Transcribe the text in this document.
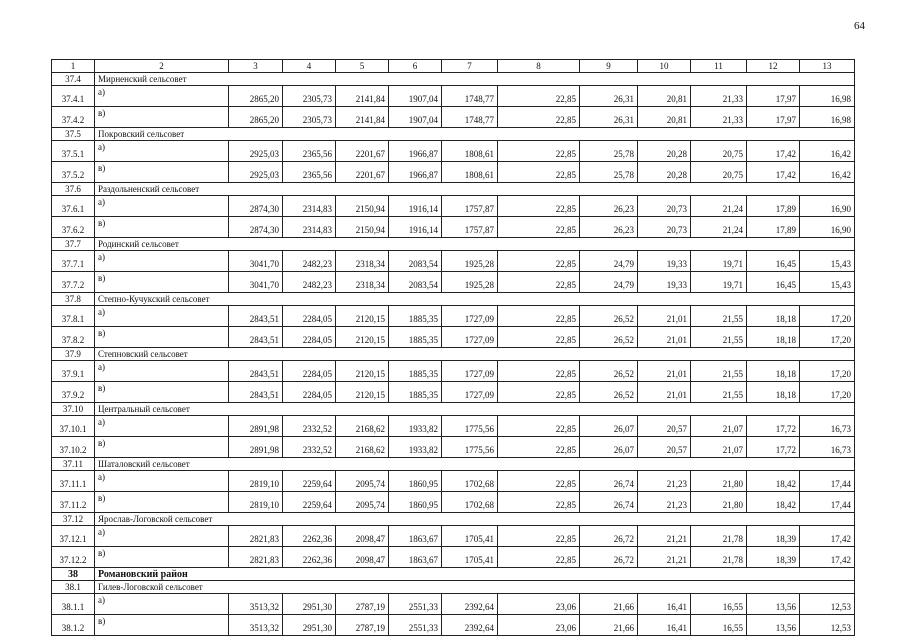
64
1	2	3	4	5	6	7	8	9	10	11	12	13
37.4	Мирненский сельсовет											
37.4.1	а)	2865,20	2305,73	2141,84	1907,04	1748,77	22,85	26,31	20,81	21,33	17,97	16,98
37.4.2	в)	2865,20	2305,73	2141,84	1907,04	1748,77	22,85	26,31	20,81	21,33	17,97	16,98
37.5	Покровский сельсовет											
37.5.1	а)	2925,03	2365,56	2201,67	1966,87	1808,61	22,85	25,78	20,28	20,75	17,42	16,42
37.5.2	в)	2925,03	2365,56	2201,67	1966,87	1808,61	22,85	25,78	20,28	20,75	17,42	16,42
37.6	Раздольненский сельсовет											
37.6.1	а)	2874,30	2314,83	2150,94	1916,14	1757,87	22,85	26,23	20,73	21,24	17,89	16,90
37.6.2	в)	2874,30	2314,83	2150,94	1916,14	1757,87	22,85	26,23	20,73	21,24	17,89	16,90
37.7	Родинский сельсовет											
37.7.1	а)	3041,70	2482,23	2318,34	2083,54	1925,28	22,85	24,79	19,33	19,71	16,45	15,43
37.7.2	в)	3041,70	2482,23	2318,34	2083,54	1925,28	22,85	24,79	19,33	19,71	16,45	15,43
37.8	Степно-Кучукский сельсовет											
37.8.1	а)	2843,51	2284,05	2120,15	1885,35	1727,09	22,85	26,52	21,01	21,55	18,18	17,20
37.8.2	в)	2843,51	2284,05	2120,15	1885,35	1727,09	22,85	26,52	21,01	21,55	18,18	17,20
37.9	Степновский сельсовет											
37.9.1	а)	2843,51	2284,05	2120,15	1885,35	1727,09	22,85	26,52	21,01	21,55	18,18	17,20
37.9.2	в)	2843,51	2284,05	2120,15	1885,35	1727,09	22,85	26,52	21,01	21,55	18,18	17,20
37.10	Центральный сельсовет											
37.10.1	а)	2891,98	2332,52	2168,62	1933,82	1775,56	22,85	26,07	20,57	21,07	17,72	16,73
37.10.2	в)	2891,98	2332,52	2168,62	1933,82	1775,56	22,85	26,07	20,57	21,07	17,72	16,73
37.11	Шаталовский сельсовет											
37.11.1	а)	2819,10	2259,64	2095,74	1860,95	1702,68	22,85	26,74	21,23	21,80	18,42	17,44
37.11.2	в)	2819,10	2259,64	2095,74	1860,95	1702,68	22,85	26,74	21,23	21,80	18,42	17,44
37.12	Ярослав-Логовской сельсовет											
37.12.1	а)	2821,83	2262,36	2098,47	1863,67	1705,41	22,85	26,72	21,21	21,78	18,39	17,42
37.12.2	в)	2821,83	2262,36	2098,47	1863,67	1705,41	22,85	26,72	21,21	21,78	18,39	17,42
38	Романовский район											
38.1	Гилев-Логовской сельсовет											
38.1.1	а)	3513,32	2951,30	2787,19	2551,33	2392,64	23,06	21,66	16,41	16,55	13,56	12,53
38.1.2	в)	3513,32	2951,30	2787,19	2551,33	2392,64	23,06	21,66	16,41	16,55	13,56	12,53
